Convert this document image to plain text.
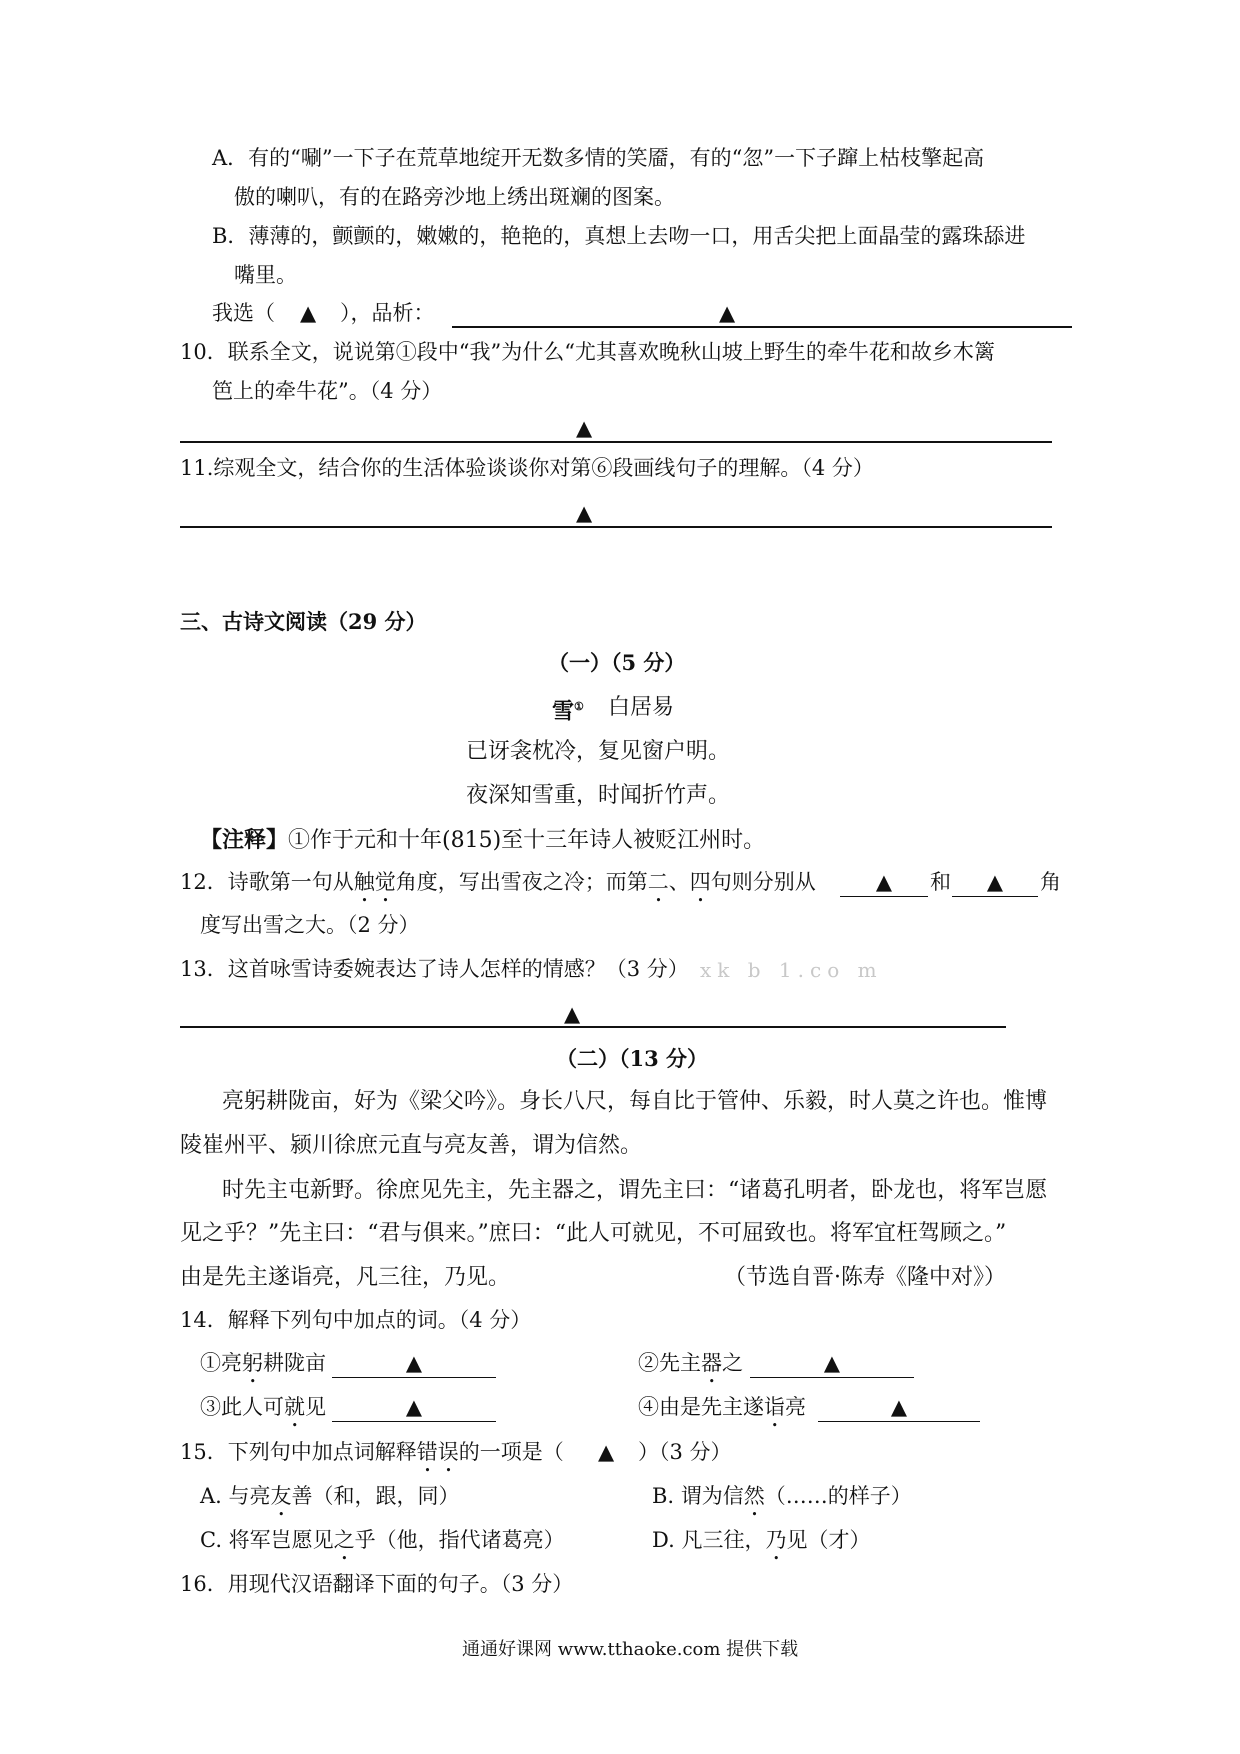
A．有的“唰”一下子在荒草地绽开无数多情的笑靥，有的“忽”一下子蹿上枯枝擎起高
傲的喇叭，有的在路旁沙地上绣出斑斓的图案。
B．薄薄的，颤颤的，嫩嫩的，艳艳的，真想上去吻一口，用舌尖把上面晶莹的露珠舔进
嘴里。
我选（ ▲ ），品析：	▲
10．联系全文，说说第①段中“我”为什么“尤其喜欢晚秋山坡上野生的牵牛花和故乡木篱
笆上的牵牛花”。（4 分）
▲
11.综观全文，结合你的生活体验谈谈你对第⑥段画线句子的理解。（4 分）
▲
三、古诗文阅读（29 分）
（一）（5 分）
雪① 白居易
已讶衾枕冷，复见窗户明。
夜深知雪重，时闻折竹声。
【注释】①作于元和十年(815)至十三年诗人被贬江州时。
12．诗歌第一句从触觉角度，写出雪夜之冷；而第二、四句则分别从	▲	和	▲	角
度写出雪之大。（2 分）
13．这首咏雪诗委婉表达了诗人怎样的情感？（3 分） xk b 1.co m
▲
（二）（13 分）
亮躬耕陇亩，好为《梁父吟》。身长八尺，每自比于管仲、乐毅，时人莫之许也。惟博
陵崔州平、颍川徐庶元直与亮友善，谓为信然。
时先主屯新野。徐庶见先主，先主器之，谓先主曰：“诸葛孔明者，卧龙也，将军岂愿
见之乎？”先主曰：“君与俱来。”庶曰：“此人可就见，不可屈致也。将军宜枉驾顾之。”
由是先主遂诣亮，凡三往，乃见。	（节选自晋·陈寿《隆中对》）
14．解释下列句中加点的词。（4 分）
①亮躬耕陇亩	▲	②先主器之	▲
③此人可就见	▲	④由是先主遂诣亮	▲
15．下列句中加点词解释错误的一项是（ ▲ ）（3 分）
A. 与亮友善（和，跟，同）	B. 谓为信然（……的样子）
C. 将军岂愿见之乎（他，指代诸葛亮）	D. 凡三往，乃见（才）
16．用现代汉语翻译下面的句子。（3 分）
通通好课网 www.tthaoke.com 提供下载
